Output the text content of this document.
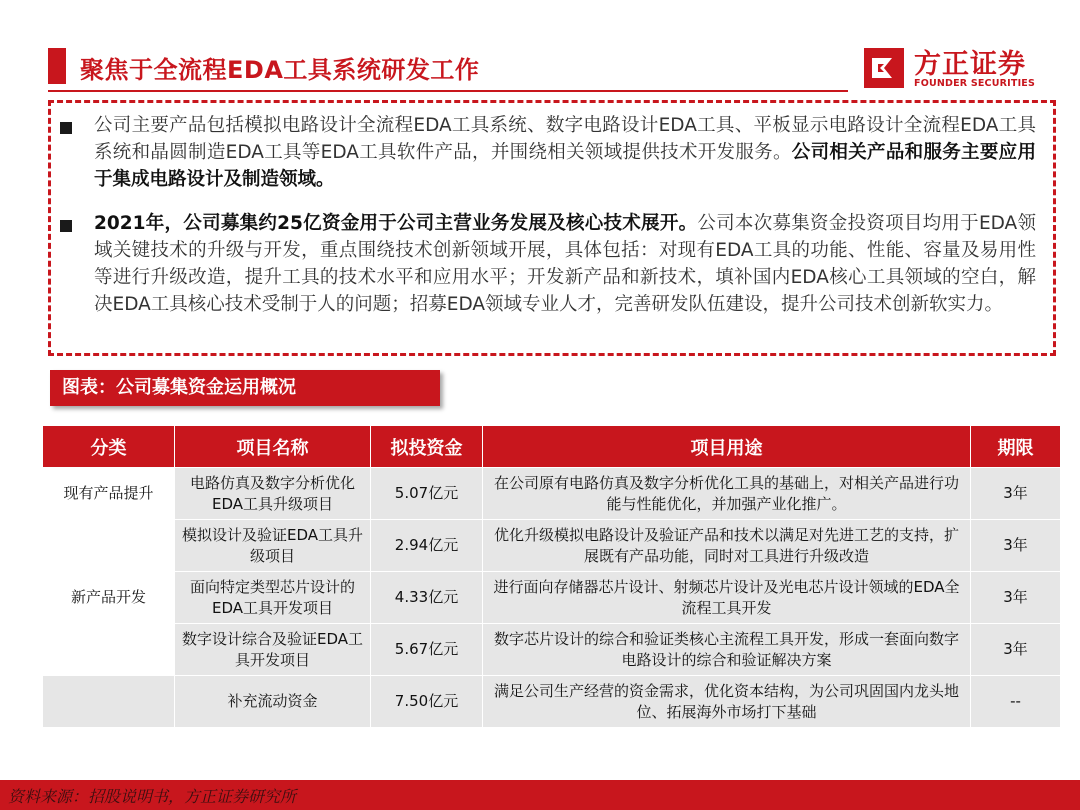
聚焦于全流程EDA工具系统研发工作	方正证券
FOUNDER SECURITIES
公司主要产品包括模拟电路设计全流程EDA工具系统、数字电路设计EDA工具、平板显示电路设计全流程EDA工具系统和晶圆制造EDA工具等EDA工具软件产品，并围绕相关领域提供技术开发服务。公司相关产品和服务主要应用于集成电路设计及制造领域。
2021年，公司募集约25亿资金用于公司主营业务发展及核心技术展开。公司本次募集资金投资项目均用于EDA领域关键技术的升级与开发，重点围绕技术创新领域开展，具体包括：对现有EDA工具的功能、性能、容量及易用性等进行升级改造，提升工具的技术水平和应用水平；开发新产品和新技术，填补国内EDA核心工具领域的空白，解决EDA工具核心技术受制于人的问题；招募EDA领域专业人才，完善研发队伍建设，提升公司技术创新软实力。
图表：公司募集资金运用概况
分类	项目名称	拟投资金	项目用途	期限
现有产品提升	电路仿真及数字分析优化EDA工具升级项目	5.07亿元	在公司原有电路仿真及数字分析优化工具的基础上，对相关产品进行功能与性能优化，并加强产业化推广。	3年
新产品开发	模拟设计及验证EDA工具升级项目	2.94亿元	优化升级模拟电路设计及验证产品和技术以满足对先进工艺的支持，扩展既有产品功能，同时对工具进行升级改造	3年
	面向特定类型芯片设计的EDA工具开发项目	4.33亿元	进行面向存储器芯片设计、射频芯片设计及光电芯片设计领域的EDA全流程工具开发	3年
	数字设计综合及验证EDA工具开发项目	5.67亿元	数字芯片设计的综合和验证类核心主流程工具开发，形成一套面向数字电路设计的综合和验证解决方案	3年
	补充流动资金	7.50亿元	满足公司生产经营的资金需求，优化资本结构，为公司巩固国内龙头地位、拓展海外市场打下基础	--
资料来源：招股说明书，方正证券研究所
